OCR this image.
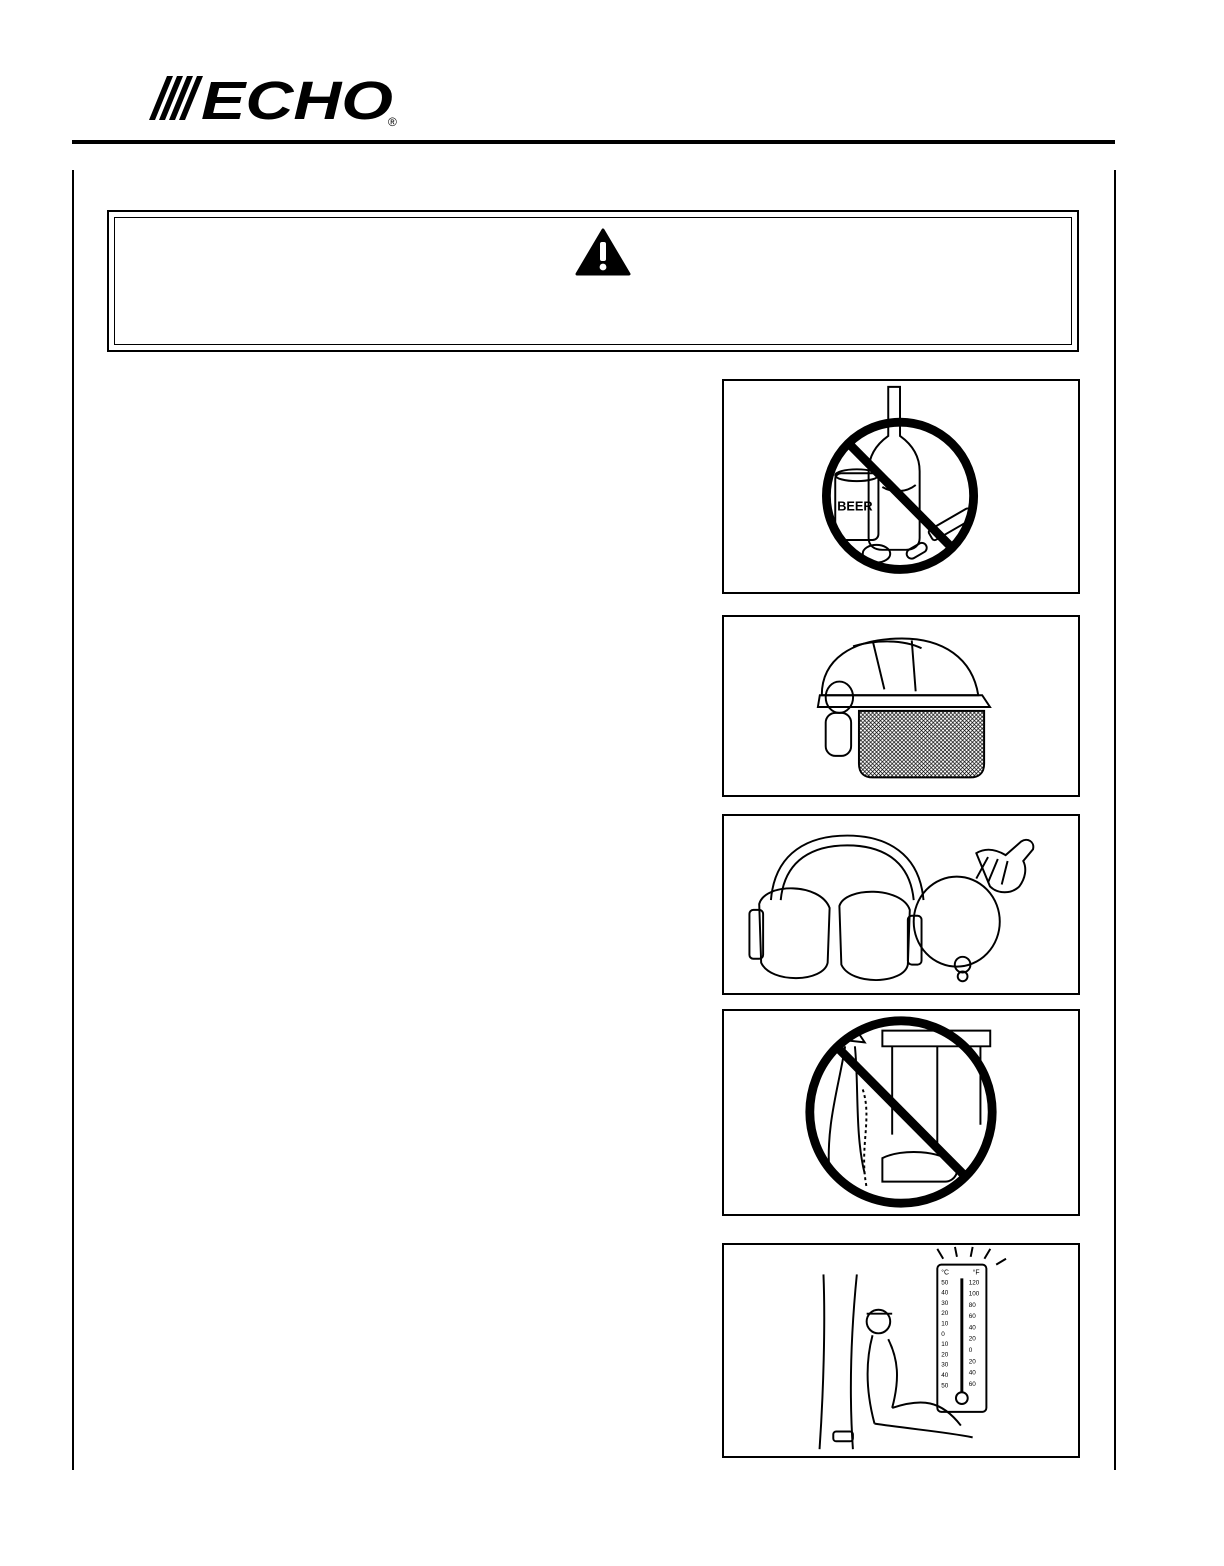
ECHO
®
BEER
°C	°F
50
40
30
20
10
0
10
20
30
40
50
120
100
80
60
40
20
0
20
40
60
